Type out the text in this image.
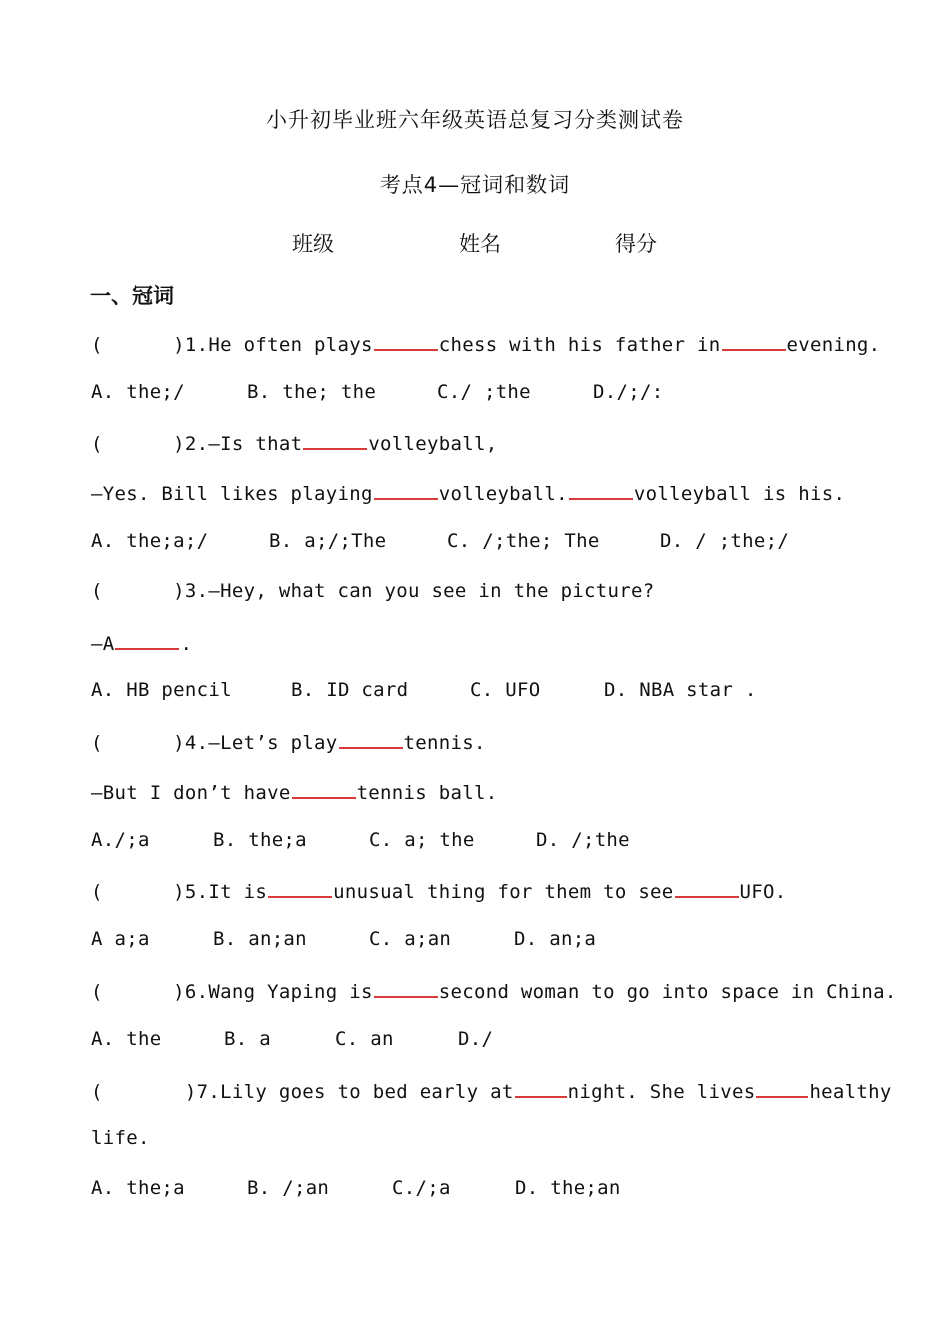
小升初毕业班六年级英语总复习分类测试卷
考点4—冠词和数词
班级	姓名	得分
一、冠词
(      )1.He often plays	chess with his father in	evening.
A. the;/	B. the; the	C./ ;the	D./;/:
(      )2.—Is that	volleyball,
—Yes. Bill likes playing	volleyball.	volleyball is his.
A. the;a;/	B. a;/;The	C. /;the; The	D. / ;the;/
(      )3.—Hey, what can you see in the picture?
—A	.
A. HB pencil	B. ID card	C. UFO	D. NBA star .
(      )4.—Let’s play	tennis.
—But I don’t have	tennis ball.
A./;a	B. the;a	C. a; the	D. /;the
(      )5.It is	unusual thing for them to see	UFO.
A a;a	B. an;an	C. a;an	D. an;a
(      )6.Wang Yaping is	second woman to go into space in China.
A. the	B. a	C. an	D./
(       )7.Lily goes to bed early at	night. She lives	healthy
life.
A. the;a	B. /;an	C./;a	D. the;an
